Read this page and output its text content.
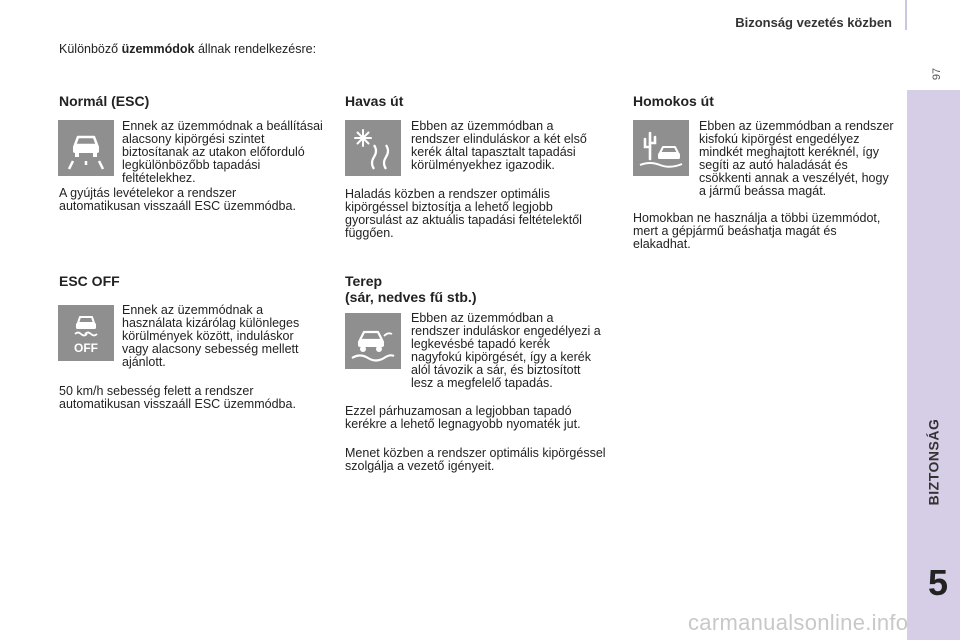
Bizonság vezetés közben
97
BIZTONSÁG
5
Különböző üzemmódok állnak rendelkezésre:
Normál (ESC)

Ennek az üzemmódnak a beállításai alacsony kipörgési szintet biztosítanak az utakon előforduló legkülönbözőbb tapadási feltételekhez.

A gyújtás levételekor a rendszer automatikusan visszaáll ESC üzemmódba.

ESC OFF
OFF

Ennek az üzemmódnak a használata kizárólag különleges körülmények között, induláskor vagy alacsony sebesség mellett ajánlott.

50 km/h sebesség felett a rendszer automatikusan visszaáll ESC üzemmódba.

Havas út

Ebben az üzemmódban a rendszer elinduláskor a két első kerék által tapasztalt tapadási körülményekhez igazodik.

Haladás közben a rendszer optimális kipörgéssel biztosítja a lehető legjobb gyorsulást az aktuális tapadási feltételektől függően.

Terep
(sár, nedves fű stb.)

Ebben az üzemmódban a rendszer induláskor engedélyezi a legkevésbé tapadó kerék nagyfokú kipörgését, így a kerék alól távozik a sár, és biztosított lesz a megfelelő tapadás.

Ezzel párhuzamosan a legjobban tapadó kerékre a lehető legnagyobb nyomaték jut.

Menet közben a rendszer optimális kipörgéssel szolgálja a vezető igényeit.

Homokos út

Ebben az üzemmódban a rendszer kisfokú kipörgést engedélyez mindkét meghajtott keréknél, így segíti az autó haladását és csökkenti annak a veszélyét, hogy a jármű beássa magát.

Homokban ne használja a többi üzemmódot, mert a gépjármű beáshatja magát és elakadhat.

carmanualsonline.info
